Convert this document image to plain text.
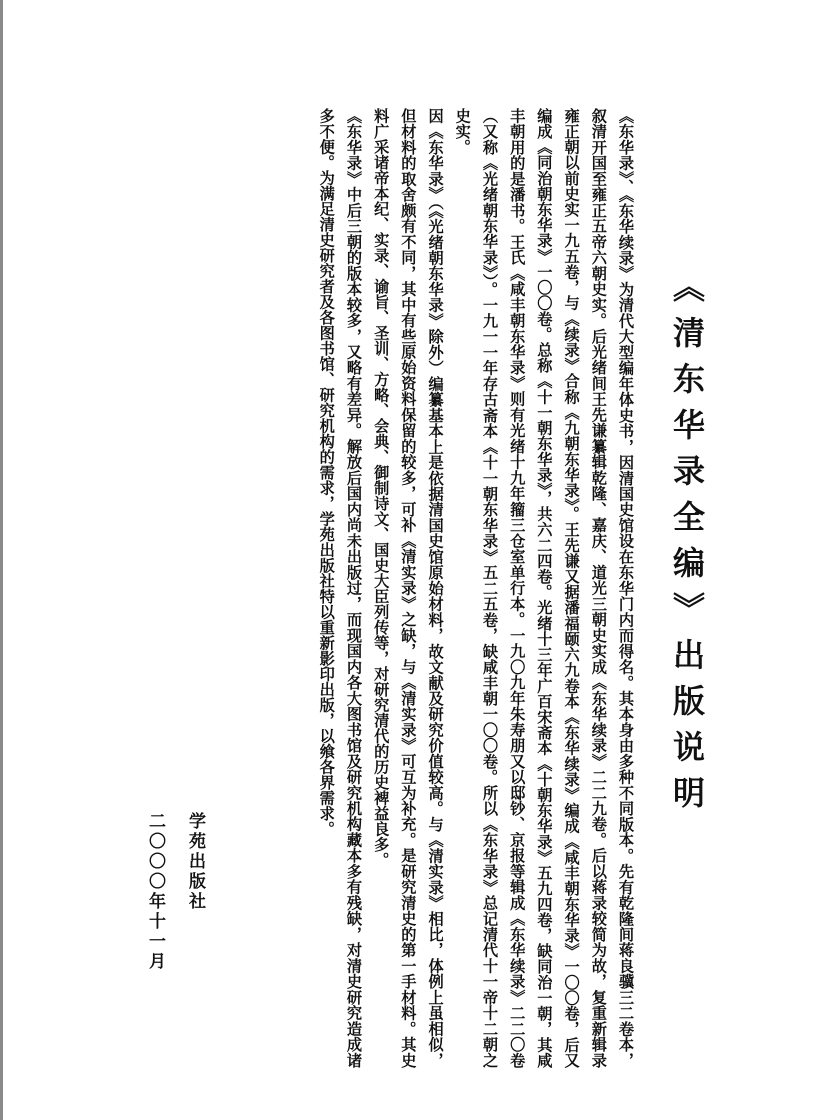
《清东华录全编》出版说明

《东华录》、《东华续录》为清代大型编年体史书，因清国史馆设在东华门内而得名。其本身由多种不同版本。先有乾隆间蒋良骥三二卷本，叙清开国至雍正五帝六朝史实。后光绪间王先谦纂辑乾隆、嘉庆、道光三朝史实成《东华续录》二二九卷。后以蒋录较简为故，复重新辑录雍正朝以前史实一九五卷，与《续录》合称《九朝东华录》。王先谦又据潘福颐六九卷本《东华续录》编成《咸丰朝东华录》一〇〇卷，后又编成《同治朝东华录》一〇〇卷。总称《十一朝东华录》，共六二四卷。光绪十三年广百宋斋本《十朝东华录》五九四卷，缺同治一朝，其咸丰朝用的是潘书。王氏《咸丰朝东华录》则有光绪十九年籀三仓室单行本。一九〇九年朱寿朋又以邸钞、京报等辑成《东华续录》二二〇卷（又称《光绪朝东华录》）。一九一一年存古斋本《十一朝东华录》五二五卷，缺咸丰朝一〇〇卷。所以《东华录》总记清代十一帝十二朝之史实。

因《东华录》（《光绪朝东华录》除外）编纂基本上是依据清国史馆原始材料，故文献及研究价值较高。与《清实录》相比，体例上虽相似，但材料的取舍颇有不同，其中有些原始资料保留的较多，可补《清实录》之缺，与《清实录》可互为补充。是研究清史的第一手材料。其史料广采诸帝本纪、实录、谕旨、圣训、方略、会典、御制诗文、国史大臣列传等，对研究清代的历史裨益良多。

《东华录》中后三朝的版本较多，又略有差异。解放后国内尚未出版过，而现国内各大图书馆及研究机构藏本多有残缺，对清史研究造成诸多不便。为满足清史研究者及各图书馆、研究机构的需求，学苑出版社特以重新影印出版，以飨各界需求。

学苑出版社
二〇〇〇年十一月
